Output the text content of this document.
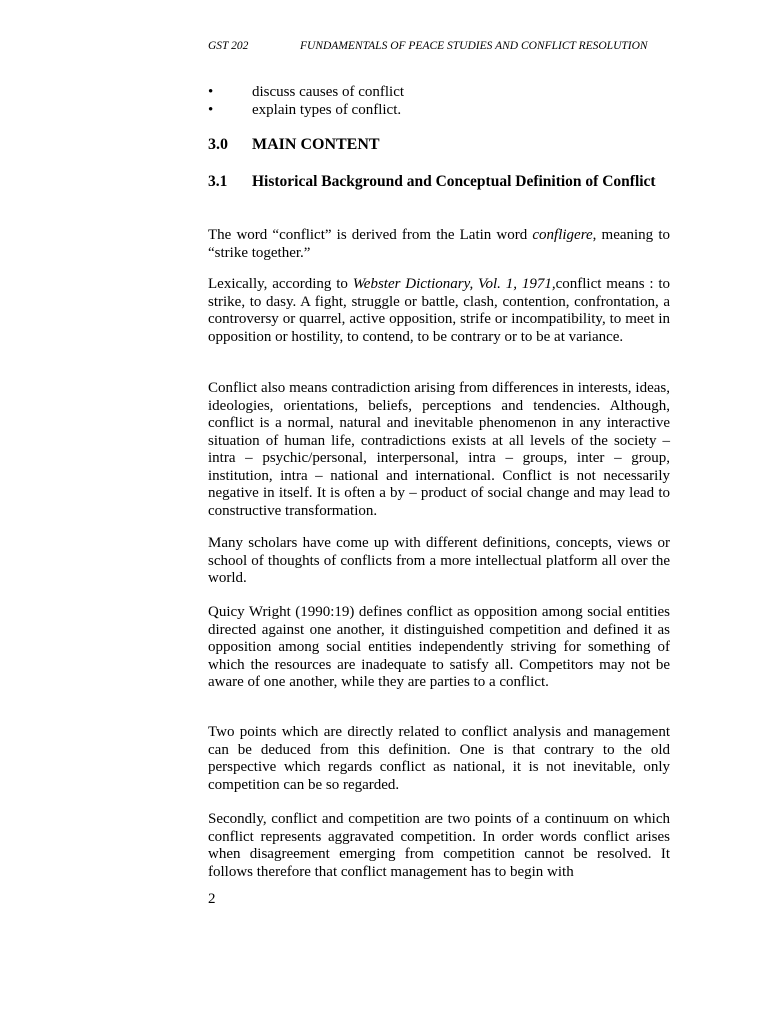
GST 202	FUNDAMENTALS OF PEACE STUDIES AND CONFLICT RESOLUTION
•	discuss causes of conflict
•	explain types of conflict.
3.0	MAIN CONTENT
3.1	Historical Background and Conceptual Definition of Conflict

The word “conflict” is derived from the Latin word confligere, meaning to “strike together.”

Lexically, according to Webster Dictionary, Vol. 1, 1971,conflict means : to strike, to dasy. A fight, struggle or battle, clash, contention, confrontation, a controversy or quarrel, active opposition, strife or incompatibility, to meet in opposition or hostility, to contend, to be contrary or to be at variance.

Conflict also means contradiction arising from differences in interests, ideas, ideologies, orientations, beliefs, perceptions and tendencies. Although, conflict is a normal, natural and inevitable phenomenon in any interactive situation of human life, contradictions exists at all levels of the society – intra – psychic/personal, interpersonal, intra – groups, inter – group, institution, intra – national and international. Conflict is not necessarily negative in itself. It is often a by – product of social change and may lead to constructive transformation.

Many scholars have come up with different definitions, concepts, views or school of thoughts of conflicts from a more intellectual platform all over the world.

Quicy Wright (1990:19) defines conflict as opposition among social entities directed against one another, it distinguished competition and defined it as opposition among social entities independently striving for something of which the resources are inadequate to satisfy all. Competitors may not be aware of one another, while they are parties to a conflict.

Two points which are directly related to conflict analysis and management can be deduced from this definition. One is that contrary to the old perspective which regards conflict as national, it is not inevitable, only competition can be so regarded.

Secondly, conflict and competition are two points of a continuum on which conflict represents aggravated competition. In order words conflict arises when disagreement emerging from competition cannot be resolved. It follows therefore that conflict management has to begin with

2
